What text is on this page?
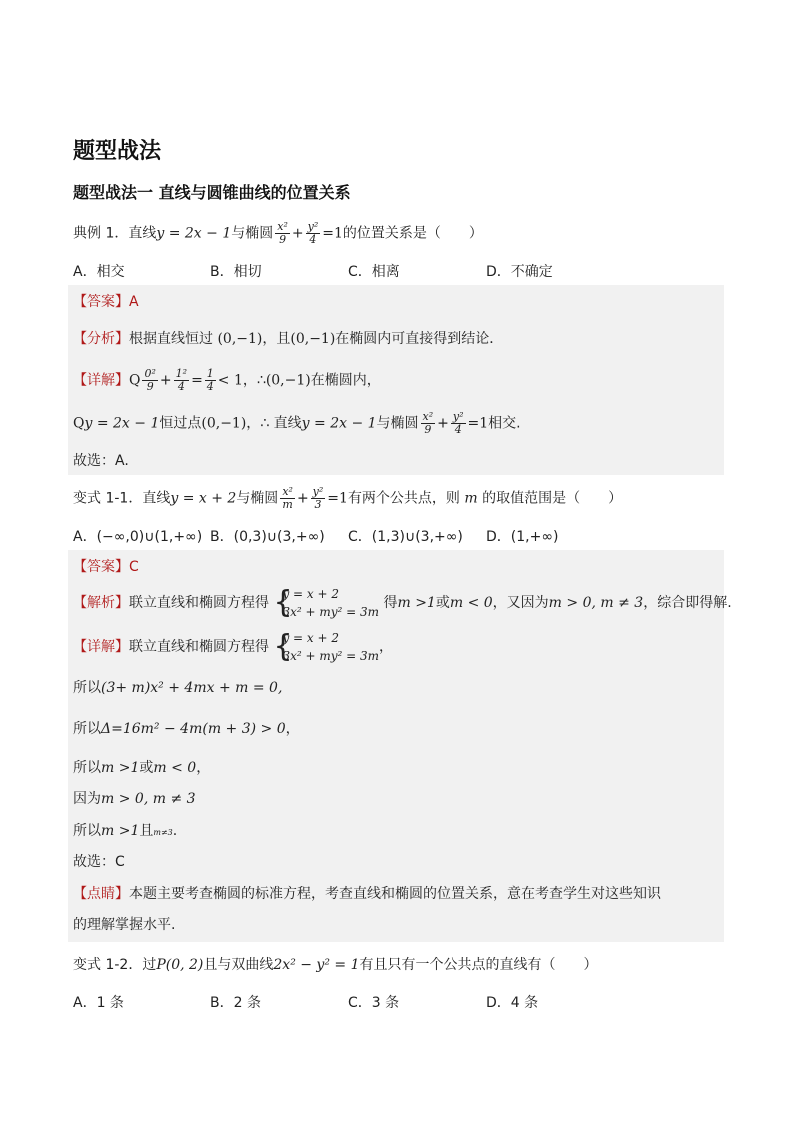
题型战法
题型战法一 直线与圆锥曲线的位置关系
典例 1．直线y = 2x − 1与椭圆 $\frac{\text{x²}}{9} + \frac{\text{y²}}{4} =1$的位置关系是（　　）
A．相交	B．相切	C．相离	D．不确定
【答案】A
【分析】根据直线恒过 (0,−1)，且(0,−1)在椭圆内可直接得到结论．
【详解】Q $\frac{\text{0²}}{9} + \frac{\text{1²}}{4} = \frac{1}{4} < 1$，∴(0,−1)在椭圆内，
Qy = 2x − 1恒过点(0,−1)，∴ 直线y = 2x − 1与椭圆 $\frac{\text{x²}}{9} + \frac{\text{y²}}{4} =1$相交.
故选：A.
变式 1-1．直线y = x + 2与椭圆 $\frac{\text{x²}}{m} + \frac{\text{y²}}{3} =1$有两个公共点，则 m 的取值范围是（　　）
A．(−∞,0)∪(1,+∞) B．(0,3)∪(3,+∞) C．(1,3)∪(3,+∞) D．(1,+∞)
【答案】C
【解析】联立直线和椭圆方程得 {
y = x + 2
3x² + my² = 3m
得m >1或m < 0，又因为m > 0, m ≠ 3，综合即得解.
【详解】联立直线和椭圆方程得 {
y = x + 2
3x² + my² = 3m
，
所以(3+ m)x² + 4mx + m = 0,
所以Δ=16m² − 4m(m + 3) > 0，
所以m >1或m < 0，
因为m > 0, m ≠ 3
所以m >1且m≠3.
故选：C
【点睛】本题主要考查椭圆的标准方程，考查直线和椭圆的位置关系，意在考查学生对这些知识
的理解掌握水平.
变式 1-2．过P(0, 2)且与双曲线2x² − y² = 1有且只有一个公共点的直线有（　　）
A．1 条	B．2 条	C．3 条	D．4 条
